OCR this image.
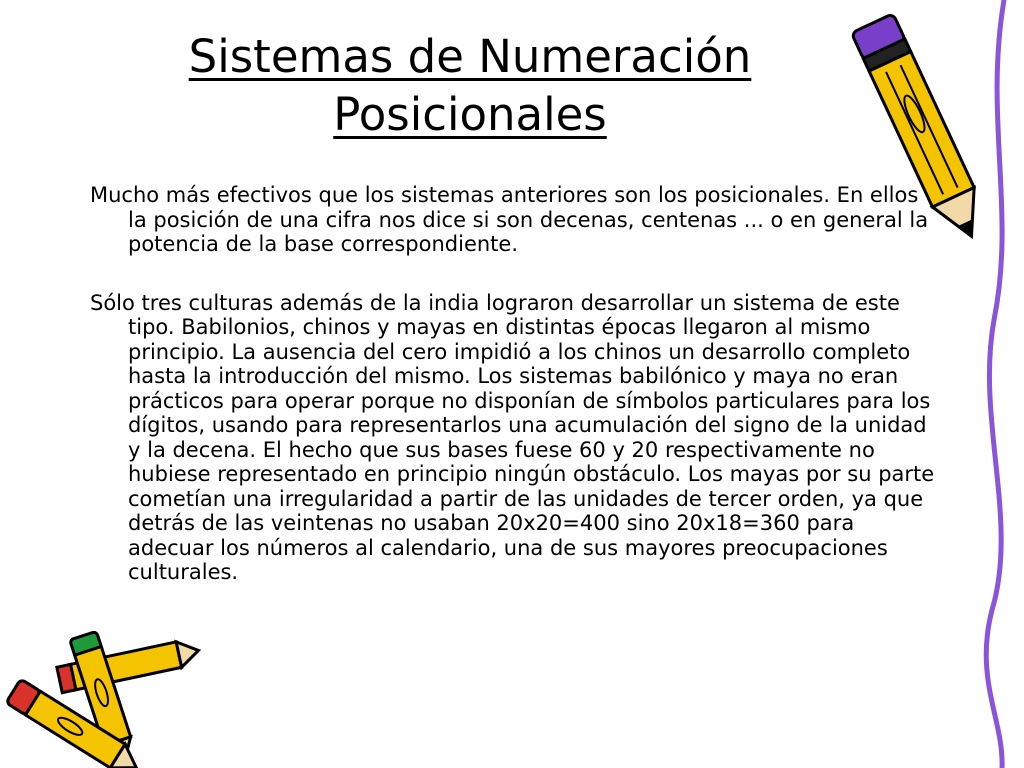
Sistemas de Numeración
Posicionales

Mucho más efectivos que los sistemas anteriores son los posicionales. En ellos la posición de una cifra nos dice si son decenas, centenas ... o en general la potencia de la base correspondiente.

Sólo tres culturas además de la india lograron desarrollar un sistema de este tipo. Babilonios, chinos y mayas en distintas épocas llegaron al mismo principio. La ausencia del cero impidió a los chinos un desarrollo completo hasta la introducción del mismo. Los sistemas babilónico y maya no eran prácticos para operar porque no disponían de símbolos particulares para los dígitos, usando para representarlos una acumulación del signo de la unidad y la decena. El hecho que sus bases fuese 60 y 20 respectivamente no hubiese representado en principio ningún obstáculo. Los mayas por su parte cometían una irregularidad a partir de las unidades de tercer orden, ya que detrás de las veintenas no usaban 20x20=400 sino 20x18=360 para adecuar los números al calendario, una de sus mayores preocupaciones culturales.
